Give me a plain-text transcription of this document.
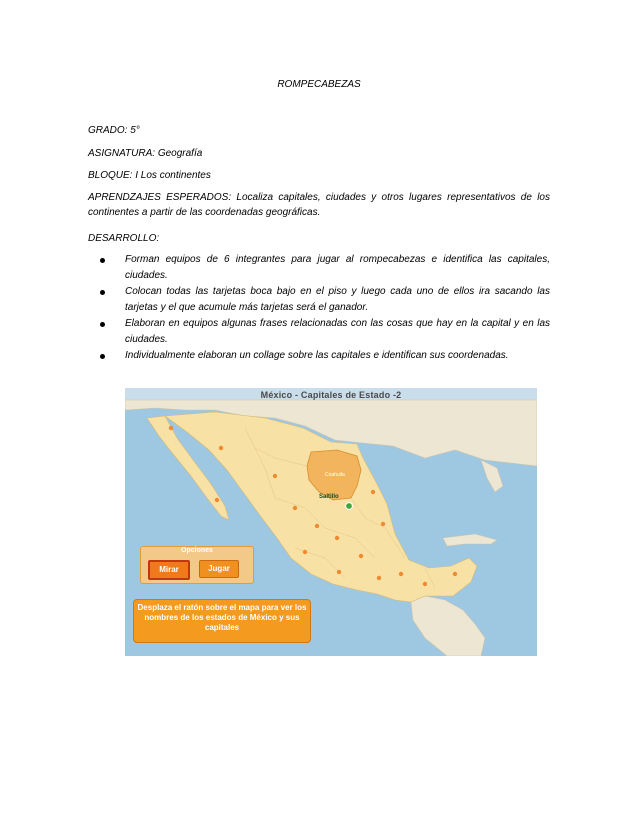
ROMPECABEZAS
GRADO: 5°
ASIGNATURA: Geografía
BLOQUE: I Los continentes
APRENDZAJES ESPERADOS: Localiza capitales, ciudades y otros lugares representativos de los continentes a partir de las coordenadas geográficas.
DESARROLLO:
Forman equipos de 6 integrantes para jugar al rompecabezas e identifica las capitales, ciudades.
Colocan todas las tarjetas boca bajo en el piso y luego cada uno de ellos ira sacando las tarjetas y el que acumule más tarjetas será el ganador.
Elaboran en equipos algunas frases relacionadas con las cosas que hay en la capital y en las ciudades.
Individualmente elaboran un collage sobre las capitales e identifican sus coordenadas.
México - Capitales de Estado -2
Coahuila
Saltillo
Opciones
Mirar	Jugar
Desplaza el ratón sobre el mapa para ver los nombres de los estados de México y sus capitales
